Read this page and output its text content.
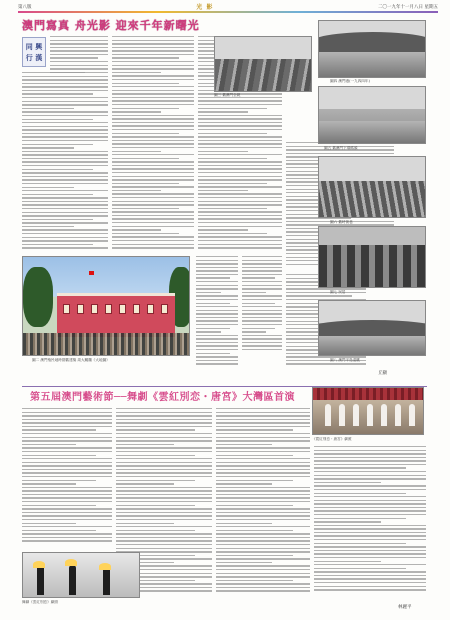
第八版	光 影	二〇一九年十一月八日 星期五
澳門寫真 舟光影 迎來千年新曙光
同 興
行 漢
圖二 澳門殖民地時期舊建築 周大鵬攝《大地圖》
圖三 舊澳門全貌
圖四 澳門港(一九四四年)
圖五 舊澳門下環碼頭
圖六 舊時街巷
圖七 民居
圖八 澳門半島遠眺
丘顯
第五屆澳門藝術節──舞劇《雲紅別恋・唐宮》大灣區首演
《霓紅別恋・唐宮》劇照
舞劇《雲紅別恋》劇照
林麗平
